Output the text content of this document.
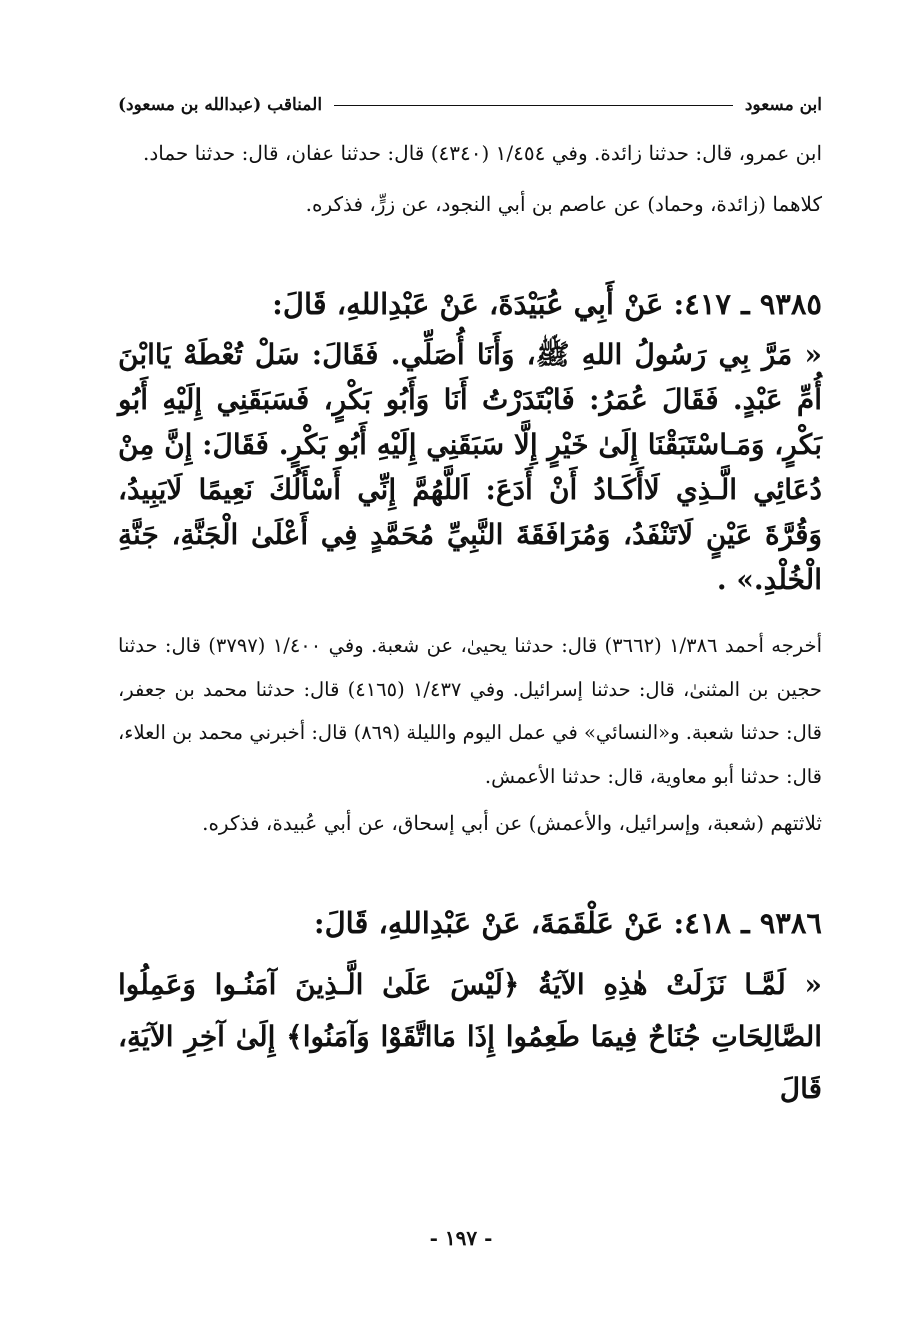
ابن مسعود
المناقب (عبدالله بن مسعود)

ابن عمرو، قال: حدثنا زائدة. وفي ١/٤٥٤ (٤٣٤٠) قال: حدثنا عفان، قال: حدثنا حماد.

كلاهما (زائدة، وحماد) عن عاصم بن أبي النجود، عن زرٍّ، فذكره.

٩٣٨٥ ـ ٤١٧: عَنْ أَبِي عُبَيْدَةَ، عَنْ عَبْدِاللهِ، قَالَ:

« مَرَّ بِي رَسُولُ اللهِ ﷺ، وَأَنَا أُصَلِّي. فَقَالَ: سَلْ تُعْطَهْ يَاابْنَ أُمِّ عَبْدٍ. فَقَالَ عُمَرُ: فَابْتَدَرْتُ أَنَا وَأَبُو بَكْرٍ، فَسَبَقَنِي إِلَيْهِ أَبُو بَكْرٍ، وَمَـاسْتَبَقْنَا إِلَىٰ خَيْرٍ إِلَّا سَبَقَنِي إِلَيْهِ أَبُو بَكْرٍ. فَقَالَ: إِنَّ مِنْ دُعَائِي الَّـذِي لَاأَكَـادُ أَنْ أَدَعَ: اَللَّهُمَّ إِنِّي أَسْأَلُكَ نَعِيمًا لَايَبِيدُ، وَقُرَّةَ عَيْنٍ لَاتَنْفَدُ، وَمُرَافَقَةَ النَّبِيِّ مُحَمَّدٍ فِي أَعْلَىٰ الْجَنَّةِ، جَنَّةِ الْخُلْدِ.» .

أخرجه أحمد ١/٣٨٦ (٣٦٦٢) قال: حدثنا يحيىٰ، عن شعبة. وفي ١/٤٠٠ (٣٧٩٧) قال: حدثنا حجين بن المثنىٰ، قال: حدثنا إسرائيل. وفي ١/٤٣٧ (٤١٦٥) قال: حدثنا محمد بن جعفر، قال: حدثنا شعبة. و«النسائي» في عمل اليوم والليلة (٨٦٩) قال: أخبرني محمد بن العلاء، قال: حدثنا أبو معاوية، قال: حدثنا الأعمش.

ثلاثتهم (شعبة، وإسرائيل، والأعمش) عن أبي إسحاق، عن أبي عُبيدة، فذكره.

٩٣٨٦ ـ ٤١٨: عَنْ عَلْقَمَةَ، عَنْ عَبْدِاللهِ، قَالَ:

« لَمَّـا نَزَلَتْ هٰذِهِ الآيَةُ ﴿لَيْسَ عَلَىٰ الَّـذِينَ آمَنُـوا وَعَمِلُوا الصَّالِحَاتِ جُنَاحٌ فِيمَا طَعِمُوا إِذَا مَااتَّقَوْا وَآمَنُوا﴾ إِلَىٰ آخِرِ الآيَةِ، قَالَ

- ١٩٧ -
